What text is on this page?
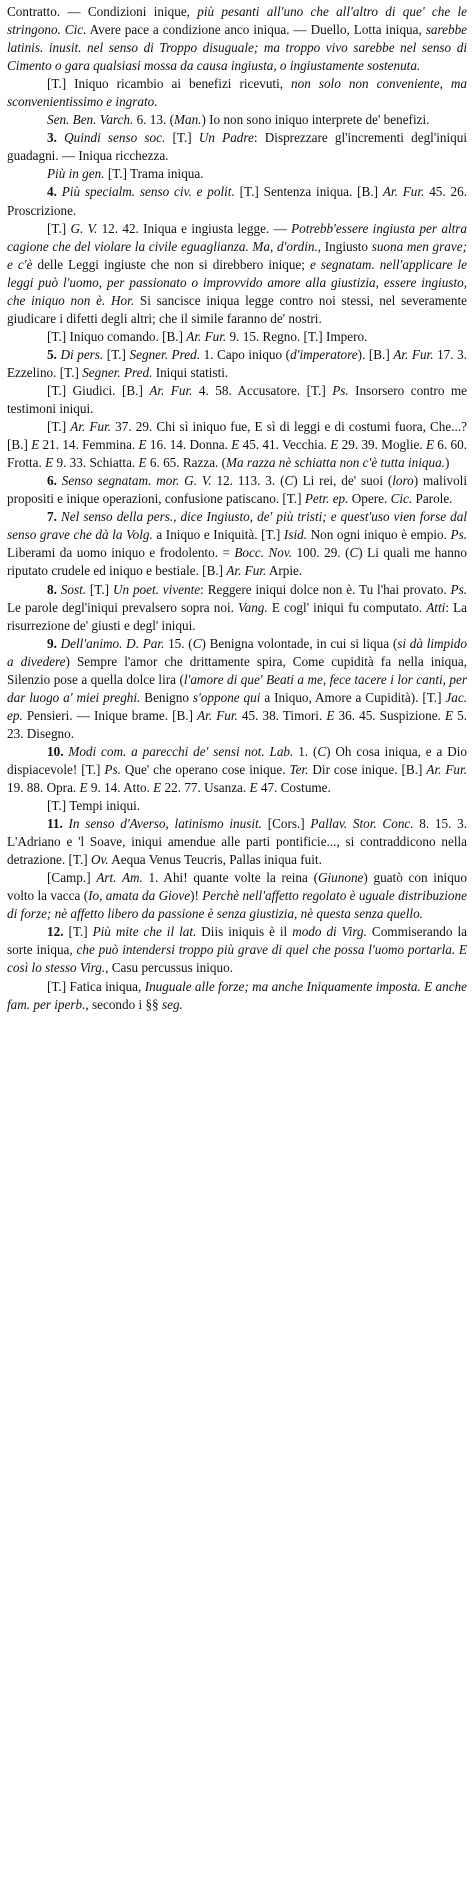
Contratto. — Condizioni inique, più pesanti all'uno che all'altro di que' che le stringono. Cic. Avere pace a condizione anco iniqua. — Duello, Lotta iniqua, sarebbe latinis. inusit. nel senso di Troppo disuguale; ma troppo vivo sarebbe nel senso di Cimento o gara qualsiasi mossa da causa ingiusta, o ingiustamente sostenuta.

[T.] Iniquo ricambio ai benefizi ricevuti, non solo non conveniente, ma sconvenientissimo e ingrato.

Sen. Ben. Varch. 6. 13. (Man.) Io non sono iniquo interprete de' benefizi.

3. Quindi senso soc. [T.] Un Padre: Disprezzare gl'incrementi degl'iniqui guadagni. — Iniqua ricchezza.

Più in gen. [T.] Trama iniqua.

4. Più specialm. senso civ. e polit. [T.] Sentenza iniqua. [B.] Ar. Fur. 45. 26. Proscrizione.

[T.] G. V. 12. 42. Iniqua e ingiusta legge. — Potrebb'essere ingiusta per altra cagione che del violare la civile eguaglianza. Ma, d'ordin., Ingiusto suona men grave; e c'è delle Leggi ingiuste che non si direbbero inique; e segnatam. nell'applicare le leggi può l'uomo, per passionato o improvvido amore alla giustizia, essere ingiusto, che iniquo non è. Hor. Si sancisce iniqua legge contro noi stessi, nel severamente giudicare i difetti degli altri; che il simile faranno de' nostri.

[T.] Iniquo comando. [B.] Ar. Fur. 9. 15. Regno. [T.] Impero.

5. Di pers. [T.] Segner. Pred. 1. Capo iniquo (d'imperatore). [B.] Ar. Fur. 17. 3. Ezzelino. [T.] Segner. Pred. Iniqui statisti.

[T.] Giudici. [B.] Ar. Fur. 4. 58. Accusatore. [T.] Ps. Insorsero contro me testimoni iniqui.

[T.] Ar. Fur. 37. 29. Chi sì iniquo fue, E sì di leggi e di costumi fuora, Che...? [B.] E 21. 14. Femmina. E 16. 14. Donna. E 45. 41. Vecchia. E 29. 39. Moglie. E 6. 60. Frotta. E 9. 33. Schiatta. E 6. 65. Razza. (Ma razza nè schiatta non c'è tutta iniqua.)

6. Senso segnatam. mor. G. V. 12. 113. 3. (C) Li rei, de' suoi (loro) malivoli propositi e inique operazioni, confusione patiscano. [T.] Petr. ep. Opere. Cic. Parole.

7. Nel senso della pers., dice Ingiusto, de' più tristi; e quest'uso vien forse dal senso grave che dà la Volg. a Iniquo e Iniquità. [T.] Isid. Non ogni iniquo è empio. Ps. Liberami da uomo iniquo e frodolento. = Bocc. Nov. 100. 29. (C) Li quali me hanno riputato crudele ed iniquo e bestiale. [B.] Ar. Fur. Arpie.

8. Sost. [T.] Un poet. vivente: Reggere iniqui dolce non è. Tu l'hai provato. Ps. Le parole degl'iniqui prevalsero sopra noi. Vang. E cogl' iniqui fu computato. Atti: La risurrezione de' giusti e degl' iniqui.

9. Dell'animo. D. Par. 15. (C) Benigna volontade, in cui si liqua (si dà limpido a divedere) Sempre l'amor che drittamente spira, Come cupidità fa nella iniqua, Silenzio pose a quella dolce lira (l'amore di que' Beati a me, fece tacere i lor canti, per dar luogo a' miei preghi. Benigno s'oppone qui a Iniquo, Amore a Cupidità). [T.] Jac. ep. Pensieri. — Inique brame. [B.] Ar. Fur. 45. 38. Timori. E 36. 45. Suspizione. E 5. 23. Disegno.

10. Modi com. a parecchi de' sensi not. Lab. 1. (C) Oh cosa iniqua, e a Dio dispiacevole! [T.] Ps. Que' che operano cose inique. Ter. Dir cose inique. [B.] Ar. Fur. 19. 88. Opra. E 9. 14. Atto. E 22. 77. Usanza. E 47. Costume.

[T.] Tempi iniqui.

11. In senso d'Averso, latinismo inusit. [Cors.] Pallav. Stor. Conc. 8. 15. 3. L'Adriano e 'l Soave, iniqui amendue alle parti pontificie..., si contraddicono nella detrazione. [T.] Ov. Aequa Venus Teucris, Pallas iniqua fuit.

[Camp.] Art. Am. 1. Ahi! quante volte la reina (Giunone) guatò con iniquo volto la vacca (Io, amata da Giove)! Perchè nell'affetto regolato è uguale distribuzione di forze; nè affetto libero da passione è senza giustizia, nè questa senza quello.

12. [T.] Più mite che il lat. Diis iniquis è il modo di Virg. Commiserando la sorte iniqua, che può intendersi troppo più grave di quel che possa l'uomo portarla. E così lo stesso Virg., Casu percussus iniquo.

[T.] Fatica iniqua, Inuguale alle forze; ma anche Iniquamente imposta. E anche fam. per iperb., secondo i §§ seg.
